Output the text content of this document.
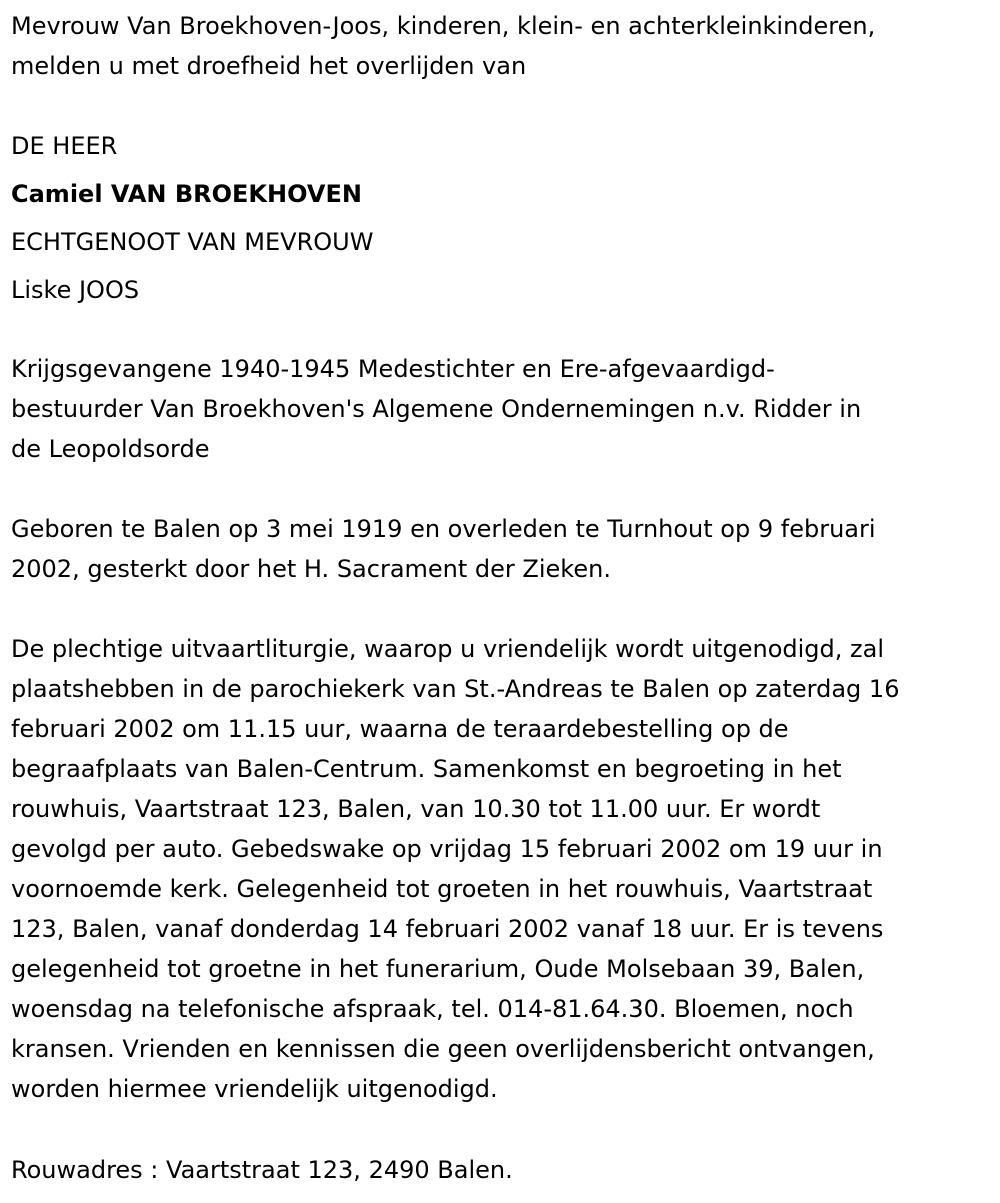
Mevrouw Van Broekhoven-Joos, kinderen, klein- en achterkleinkinderen,

melden u met droefheid het overlijden van

DE HEER

Camiel VAN BROEKHOVEN

ECHTGENOOT VAN MEVROUW

Liske JOOS

Krijgsgevangene 1940-1945 Medestichter en Ere-afgevaardigd-

bestuurder Van Broekhoven's Algemene Ondernemingen n.v. Ridder in

de Leopoldsorde

Geboren te Balen op 3 mei 1919 en overleden te Turnhout op 9 februari

2002, gesterkt door het H. Sacrament der Zieken.

De plechtige uitvaartliturgie, waarop u vriendelijk wordt uitgenodigd, zal

plaatshebben in de parochiekerk van St.-Andreas te Balen op zaterdag 16

februari 2002 om 11.15 uur, waarna de teraardebestelling op de

begraafplaats van Balen-Centrum. Samenkomst en begroeting in het

rouwhuis, Vaartstraat 123, Balen, van 10.30 tot 11.00 uur. Er wordt

gevolgd per auto. Gebedswake op vrijdag 15 februari 2002 om 19 uur in

voornoemde kerk. Gelegenheid tot groeten in het rouwhuis, Vaartstraat

123, Balen, vanaf donderdag 14 februari 2002 vanaf 18 uur. Er is tevens

gelegenheid tot groetne in het funerarium, Oude Molsebaan 39, Balen,

woensdag na telefonische afspraak, tel. 014-81.64.30. Bloemen, noch

kransen. Vrienden en kennissen die geen overlijdensbericht ontvangen,

worden hiermee vriendelijk uitgenodigd.

Rouwadres : Vaartstraat 123, 2490 Balen.
